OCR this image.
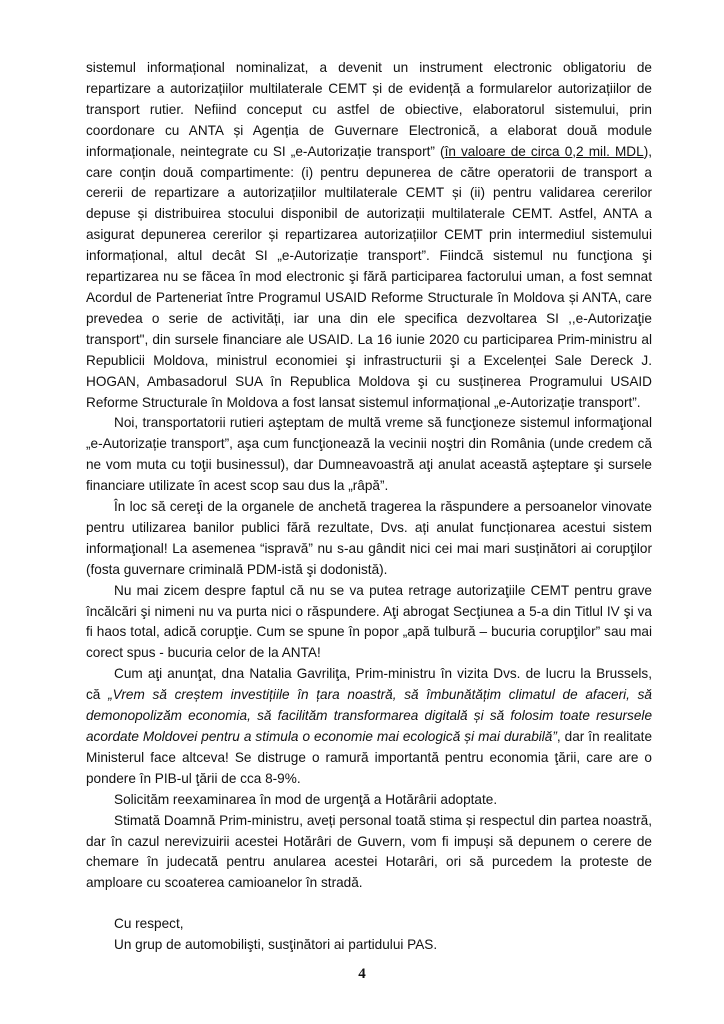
sistemul informațional nominalizat, a devenit un instrument electronic obligatoriu de repartizare a autorizațiilor multilaterale CEMT și de evidență a formularelor autorizațiilor de transport rutier. Nefiind conceput cu astfel de obiective, elaboratorul sistemului, prin coordonare cu ANTA și Agenția de Guvernare Electronică, a elaborat două module informaționale, neintegrate cu SI „e-Autorizație transport” (în valoare de circa 0,2 mil. MDL), care conțin două compartimente: (i) pentru depunerea de către operatorii de transport a cererii de repartizare a autorizațiilor multilaterale CEMT și (ii) pentru validarea cererilor depuse și distribuirea stocului disponibil de autorizații multilaterale CEMT. Astfel, ANTA a asigurat depunerea cererilor și repartizarea autorizațiilor CEMT prin intermediul sistemului informațional, altul decât SI „e-Autorizație transport”. Fiindcă sistemul nu funcţiona şi repartizarea nu se făcea în mod electronic şi fără participarea factorului uman, a fost semnat Acordul de Parteneriat între Programul USAID Reforme Structurale în Moldova și ANTA, care prevedea o serie de activități, iar una din ele specifica dezvoltarea SI ,,e-Autorizaţie transport", din sursele financiare ale USAID. La 16 iunie 2020 cu participarea Prim-ministru al Republicii Moldova, ministrul economiei şi infrastructurii şi a Excelenței Sale Dereck J. HOGAN, Ambasadorul SUA în Republica Moldova şi cu susținerea Programului USAID Reforme Structurale în Moldova a fost lansat sistemul informațional „e-Autorizație transport”.

Noi, transportatorii rutieri aşteptam de multă vreme să funcţioneze sistemul informaţional „e-Autorizație transport”, aşa cum funcţionează la vecinii noştri din România (unde credem că ne vom muta cu toţii businessul), dar Dumneavoastră aţi anulat această aşteptare şi sursele financiare utilizate în acest scop sau dus la „râpă”.

În loc să cereţi de la organele de anchetă tragerea la răspundere a persoanelor vinovate pentru utilizarea banilor publici fără rezultate, Dvs. ați anulat funcționarea acestui sistem informaţional! La asemenea “ispravă” nu s-au gândit nici cei mai mari susținători ai corupţilor (fosta guvernare criminală PDM-istă şi dodonistă).

Nu mai zicem despre faptul că nu se va putea retrage autorizaţiile CEMT pentru grave încălcări şi nimeni nu va purta nici o răspundere. Aţi abrogat Secţiunea a 5-a din Titlul IV şi va fi haos total, adică corupţie. Cum se spune în popor „apă tulbură – bucuria corupţilor” sau mai corect spus - bucuria celor de la ANTA!

Cum aţi anunţat, dna Natalia Gavriliţa, Prim-ministru în vizita Dvs. de lucru la Brussels, că „Vrem să creștem investițiile în țara noastră, să îmbunătățim climatul de afaceri, să demonopolizăm economia, să facilităm transformarea digitală și să folosim toate resursele acordate Moldovei pentru a stimula o economie mai ecologică și mai durabilă”, dar în realitate Ministerul face altceva! Se distruge o ramură importantă pentru economia ţării, care are o pondere în PIB-ul ţării de cca 8-9%.

Solicităm reexaminarea în mod de urgenţă a Hotărârii adoptate.

Stimată Doamnă Prim-ministru, aveți personal toată stima și respectul din partea noastră, dar în cazul nerevizuirii acestei Hotărâri de Guvern, vom fi impuși să depunem o cerere de chemare în judecată pentru anularea acestei Hotarâri, ori să purcedem la proteste de amploare cu scoaterea camioanelor în stradă.

Cu respect,

Un grup de automobilişti, susţinători ai partidului PAS.

4
